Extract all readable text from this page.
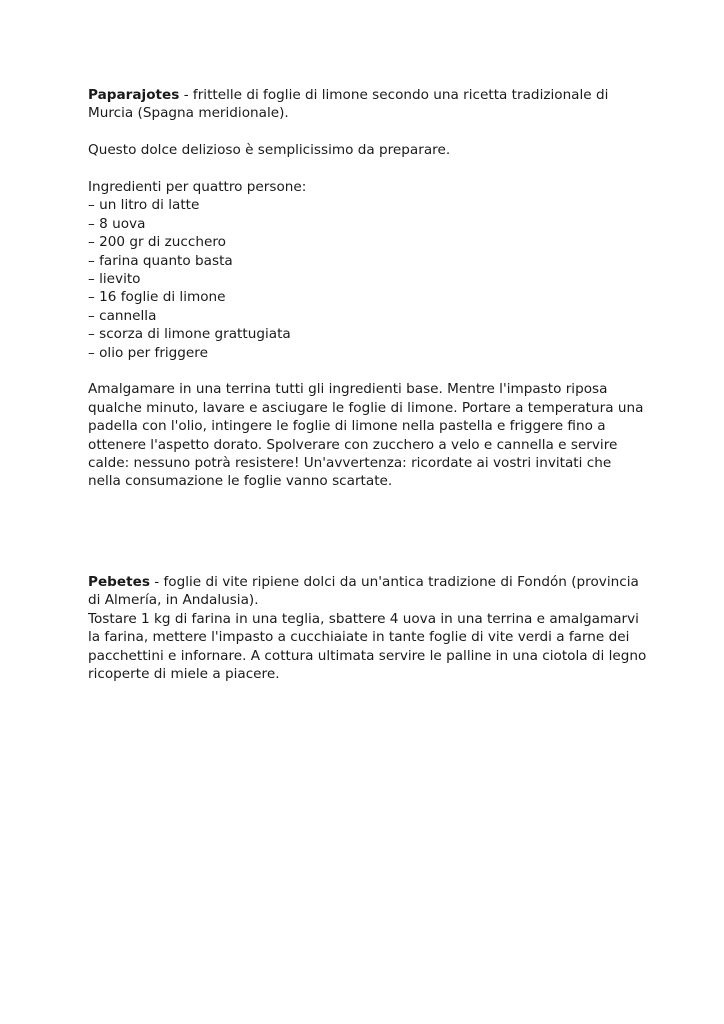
Paparajotes - frittelle di foglie di limone secondo una ricetta tradizionale di Murcia (Spagna meridionale).

Questo dolce delizioso è semplicissimo da preparare.

Ingredienti per quattro persone:

– un litro di latte
– 8 uova
– 200 gr di zucchero
– farina quanto basta
– lievito
– 16 foglie di limone
– cannella
– scorza di limone grattugiata
– olio per friggere

Amalgamare in una terrina tutti gli ingredienti base. Mentre l'impasto riposa qualche minuto, lavare e asciugare le foglie di limone. Portare a temperatura una padella con l'olio, intingere le foglie di limone nella pastella e friggere fino a ottenere l'aspetto dorato. Spolverare con zucchero a velo e cannella e servire calde: nessuno potrà resistere! Un'avvertenza: ricordate ai vostri invitati che nella consumazione le foglie vanno scartate.

Pebetes - foglie di vite ripiene dolci da un'antica tradizione di Fondón (provincia di Almería, in Andalusia).

Tostare 1 kg di farina in una teglia, sbattere 4 uova in una terrina e amalgamarvi la farina, mettere l'impasto a cucchiaiate in tante foglie di vite verdi a farne dei pacchettini e infornare. A cottura ultimata servire le palline in una ciotola di legno ricoperte di miele a piacere.
